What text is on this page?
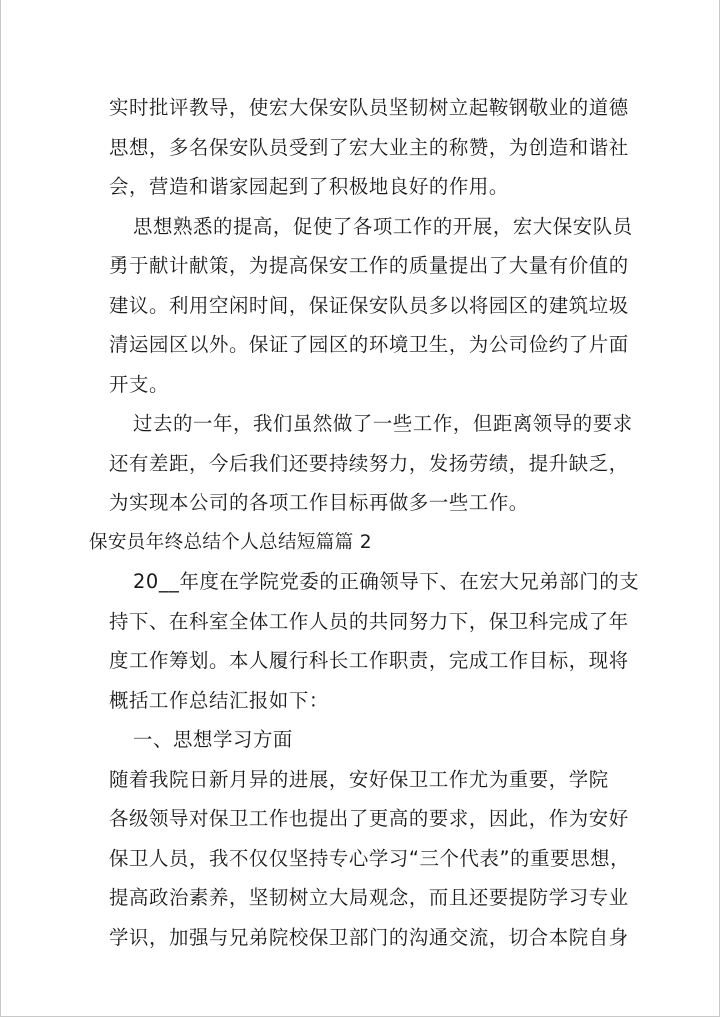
实时批评教导，使宏大保安队员坚韧树立起鞍钢敬业的道德
思想，多名保安队员受到了宏大业主的称赞，为创造和谐社
会，营造和谐家园起到了积极地良好的作用。
思想熟悉的提高，促使了各项工作的开展，宏大保安队员
勇于献计献策，为提高保安工作的质量提出了大量有价值的
建议。利用空闲时间，保证保安队员多以将园区的建筑垃圾
清运园区以外。保证了园区的环境卫生，为公司俭约了片面
开支。
过去的一年，我们虽然做了一些工作，但距离领导的要求
还有差距，今后我们还要持续努力，发扬劳绩，提升缺乏，
为实现本公司的各项工作目标再做多一些工作。
保安员年终总结个人总结短篇篇 2
20__年度在学院党委的正确领导下、在宏大兄弟部门的支
持下、在科室全体工作人员的共同努力下，保卫科完成了年
度工作筹划。本人履行科长工作职责，完成工作目标，现将
概括工作总结汇报如下：
一、思想学习方面
随着我院日新月异的进展，安好保卫工作尤为重要，学院
各级领导对保卫工作也提出了更高的要求，因此，作为安好
保卫人员，我不仅仅坚持专心学习“三个代表”的重要思想，
提高政治素养，坚韧树立大局观念，而且还要提防学习专业
学识，加强与兄弟院校保卫部门的沟通交流，切合本院自身
